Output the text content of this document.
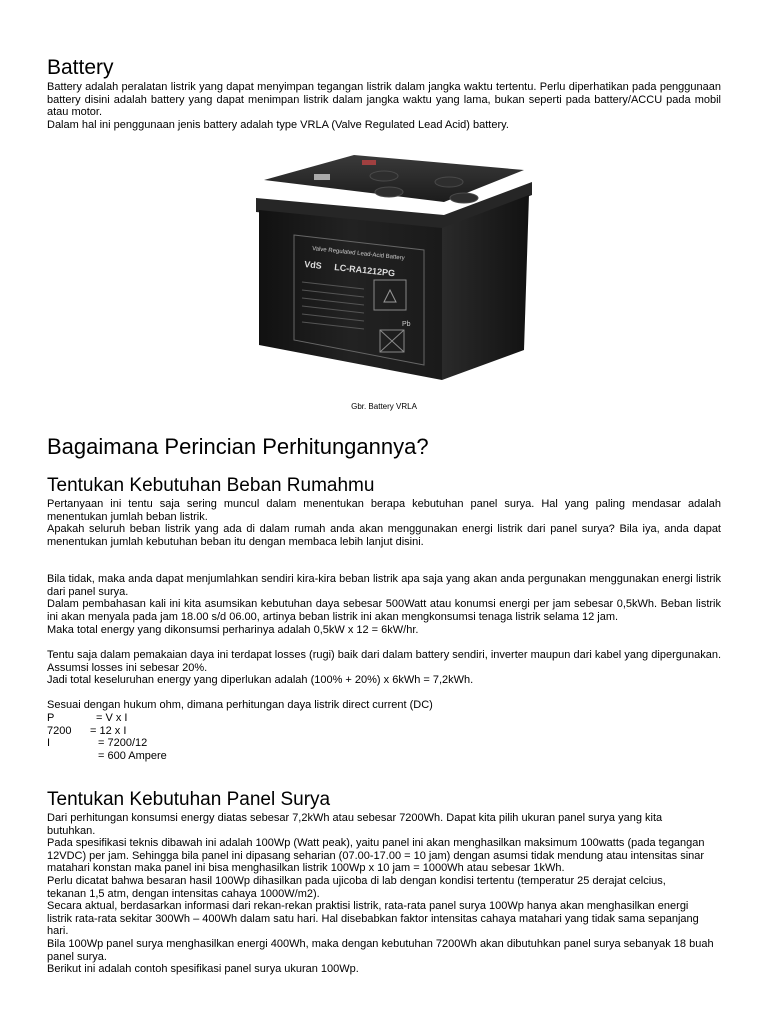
Battery

Battery adalah peralatan listrik yang dapat menyimpan tegangan listrik dalam jangka waktu tertentu. Perlu diperhatikan pada penggunaan battery disini adalah battery yang dapat menimpan listrik dalam jangka waktu yang lama, bukan seperti pada battery/ACCU pada mobil atau motor.

Dalam hal ini penggunaan jenis battery adalah type VRLA (Valve Regulated Lead Acid) battery.

Valve Regulated Lead-Acid Battery
VdS LC-RA1212PG
Pb
Gbr. Battery VRLA
Bagaimana Perincian Perhitungannya?
Tentukan Kebutuhan Beban Rumahmu

Pertanyaan ini tentu saja sering muncul dalam menentukan berapa kebutuhan panel surya. Hal yang paling mendasar adalah menentukan jumlah beban listrik.

Apakah seluruh beban listrik yang ada di dalam rumah anda akan menggunakan energi listrik dari panel surya? Bila iya, anda dapat menentukan jumlah kebutuhan beban itu dengan membaca lebih lanjut disini.

Bila tidak, maka anda dapat menjumlahkan sendiri kira-kira beban listrik apa saja yang akan anda pergunakan menggunakan energi listrik dari panel surya.

Dalam pembahasan kali ini kita asumsikan kebutuhan daya sebesar 500Watt atau konumsi energi per jam sebesar 0,5kWh. Beban listrik ini akan menyala pada jam 18.00 s/d 06.00, artinya beban listrik ini akan mengkonsumsi tenaga listrik selama 12 jam.

Maka total energy yang dikonsumsi perharinya adalah 0,5kW x 12 = 6kW/hr.

Tentu saja dalam pemakaian daya ini terdapat losses (rugi) baik dari dalam battery sendiri, inverter maupun dari kabel yang dipergunakan. Assumsi losses ini sebesar 20%.

Jadi total keseluruhan energy yang diperlukan adalah (100% + 20%) x 6kWh = 7,2kWh.

Sesuai dengan hukum ohm, dimana perhitungan daya listrik direct current (DC)

P	= V x I
7200 = 12 x I
I	= 7200/12
= 600 Ampere
Tentukan Kebutuhan Panel Surya

Dari perhitungan konsumsi energy diatas sebesar 7,2kWh atau sebesar 7200Wh. Dapat kita pilih ukuran panel surya yang kita butuhkan.

Pada spesifikasi teknis dibawah ini adalah 100Wp (Watt peak), yaitu panel ini akan menghasilkan maksimum 100watts (pada tegangan 12VDC) per jam. Sehingga bila panel ini dipasang seharian (07.00-17.00 = 10 jam) dengan asumsi tidak mendung atau intensitas sinar matahari konstan maka panel ini bisa menghasilkan listrik 100Wp x 10 jam = 1000Wh atau sebesar 1kWh.

Perlu dicatat bahwa besaran hasil 100Wp dihasilkan pada ujicoba di lab dengan kondisi tertentu (temperatur 25 derajat celcius, tekanan 1,5 atm, dengan intensitas cahaya 1000W/m2).

Secara aktual, berdasarkan informasi dari rekan-rekan praktisi listrik, rata-rata panel surya 100Wp hanya akan menghasilkan energi listrik rata-rata sekitar 300Wh – 400Wh dalam satu hari. Hal disebabkan faktor intensitas cahaya matahari yang tidak sama sepanjang hari.

Bila 100Wp panel surya menghasilkan energi 400Wh, maka dengan kebutuhan 7200Wh akan dibutuhkan panel surya sebanyak 18 buah panel surya.

Berikut ini adalah contoh spesifikasi panel surya ukuran 100Wp.
